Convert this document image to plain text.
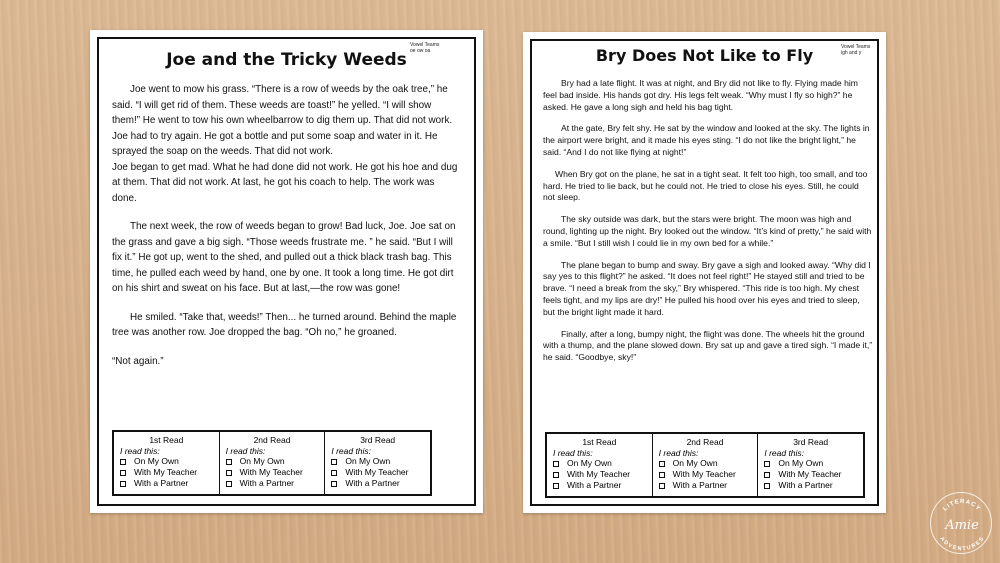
Joe and the Tricky Weeds
Vowel Teams
oe ow oa

Joe went to mow his grass. “There is a row of weeds by the oak tree,” he said. “I will get rid of them. These weeds are toast!” he yelled. “I will show them!” He went to tow his own wheelbarrow to dig them up. That did not work. Joe had to try again. He got a bottle and put some soap and water in it. He sprayed the soap on the weeds. That did not work.
Joe began to get mad. What he had done did not work. He got his hoe and dug at them. That did not work. At last, he got his coach to help. The work was done.

The next week, the row of weeds began to grow! Bad luck, Joe. Joe sat on the grass and gave a big sigh. “Those weeds frustrate me. ” he said. “But I will fix it.” He got up, went to the shed, and pulled out a thick black trash bag. This time, he pulled each weed by hand, one by one. It took a long time. He got dirt on his shirt and sweat on his face. But at last,—the row was gone!

He smiled. “Take that, weeds!” Then... he turned around. Behind the maple tree was another row. Joe dropped the bag. “Oh no,” he groaned.

“Not again.”

1st Read
I read this:
On My Own
With My Teacher
With a Partner
2nd Read
I read this:
On My Own
With My Teacher
With a Partner
3rd Read
I read this:
On My Own
With My Teacher
With a Partner
Bry Does Not Like to Fly	Vowel Teams
igh and y

Bry had a late flight. It was at night, and Bry did not like to fly. Flying made him feel bad inside. His hands got dry. His legs felt weak. “Why must I fly so high?” he asked. He gave a long sigh and held his bag tight.

At the gate, Bry felt shy. He sat by the window and looked at the sky. The lights in the airport were bright, and it made his eyes sting. “I do not like the bright light,” he said. “And I do not like flying at night!”

When Bry got on the plane, he sat in a tight seat. It felt too high, too small, and too hard. He tried to lie back, but he could not. He tried to close his eyes. Still, he could not sleep.

The sky outside was dark, but the stars were bright. The moon was high and round, lighting up the night. Bry looked out the window. “It’s kind of pretty,” he said with a smile. “But I still wish I could lie in my own bed for a while.”

The plane began to bump and sway. Bry gave a sigh and looked away. “Why did I say yes to this flight?” he asked. “It does not feel right!” He stayed still and tried to be brave. “I need a break from the sky,” Bry whispered. “This ride is too high. My chest feels tight, and my lips are dry!” He pulled his hood over his eyes and tried to sleep, but the bright light made it hard.

Finally, after a long, bumpy night, the flight was done. The wheels hit the ground with a thump, and the plane slowed down. Bry sat up and gave a tired sigh. “I made it,” he said. “Goodbye, sky!”

1st Read
I read this:
On My Own
With My Teacher
With a Partner
2nd Read
I read this:
On My Own
With My Teacher
With a Partner
3rd Read
I read this:
On My Own
With My Teacher
With a Partner
LITERACY
ADVENTURES
Amie
